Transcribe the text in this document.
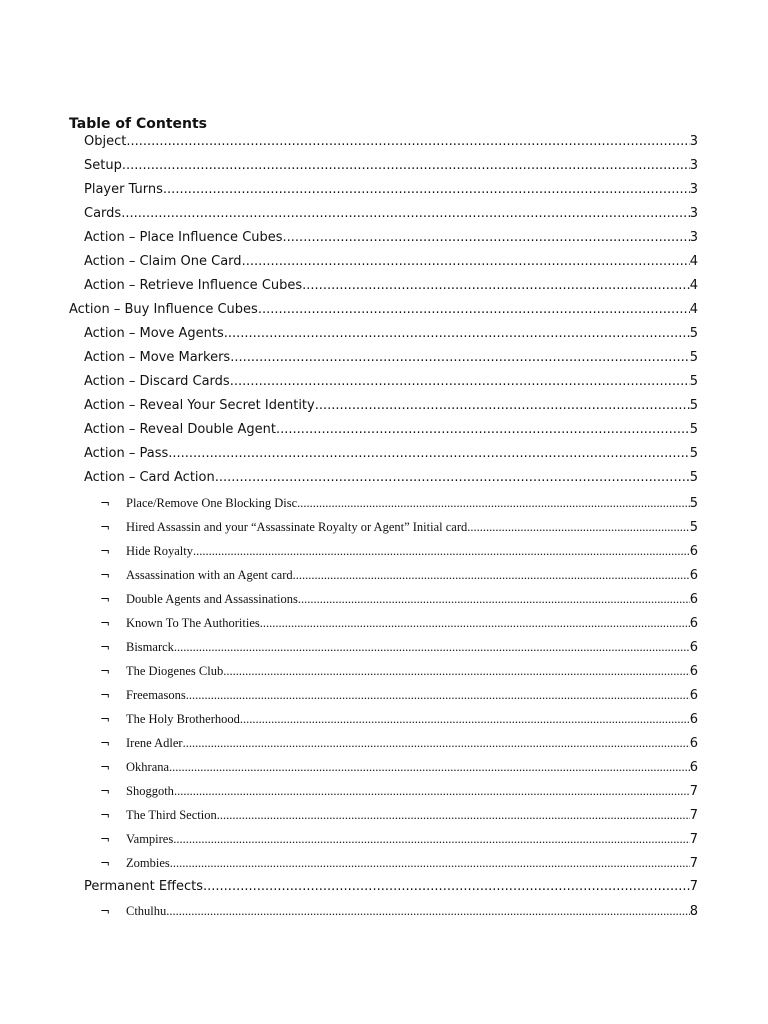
Table of Contents
Object .....	3
Setup .....	3
Player Turns .....	3
Cards .....	3
Action – Place Influence Cubes .....	3
Action – Claim One Card .....	4
Action – Retrieve Influence Cubes .....	4
Action – Buy Influence Cubes .....	4
Action – Move Agents .....	5
Action – Move Markers .....	5
Action – Discard Cards .....	5
Action – Reveal Your Secret Identity .....	5
Action – Reveal Double Agent .....	5
Action – Pass .....	5
Action – Card Action .....	5
¬	Place/Remove One Blocking Disc .....	5
¬	Hired Assassin and your “Assassinate Royalty or Agent” Initial card .....	5
¬	Hide Royalty .....	6
¬	Assassination with an Agent card .....	6
¬	Double Agents and Assassinations .....	6
¬	Known To The Authorities .....	6
¬	Bismarck .....	6
¬	The Diogenes Club .....	6
¬	Freemasons .....	6
¬	The Holy Brotherhood .....	6
¬	Irene Adler .....	6
¬	Okhrana .....	6
¬	Shoggoth .....	7
¬	The Third Section .....	7
¬	Vampires .....	7
¬	Zombies .....	7
Permanent Effects .....	7
¬	Cthulhu .....	8
